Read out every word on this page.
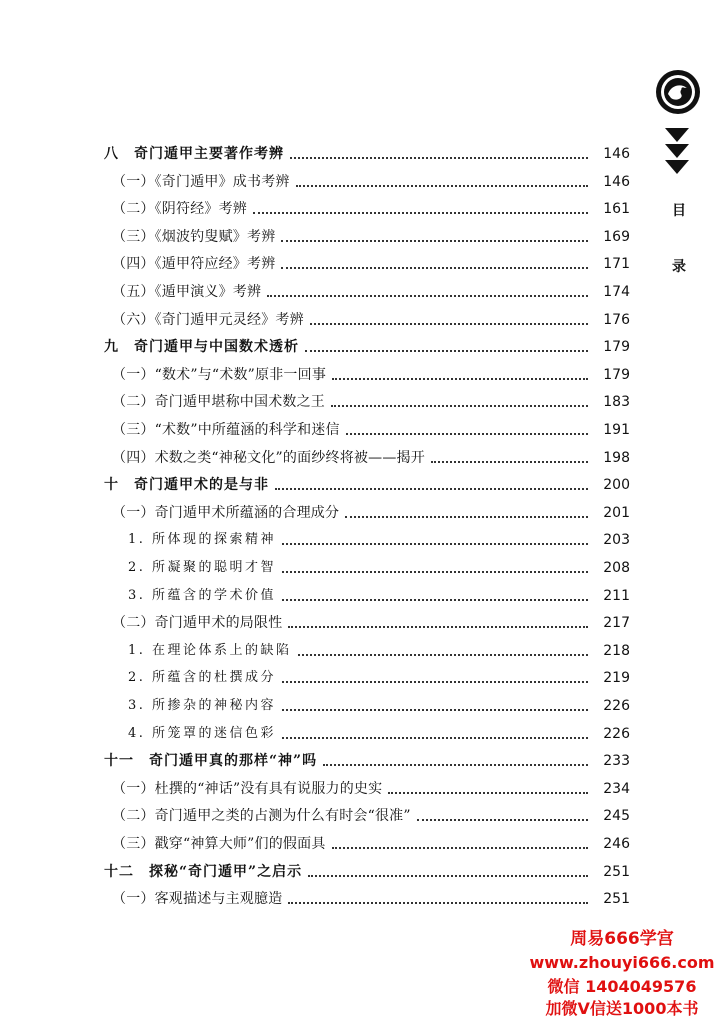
八　奇门遁甲主要著作考辨	146
（一）《奇门遁甲》成书考辨	146
（二）《阴符经》考辨	161
（三）《烟波钓叟赋》考辨	169
（四）《遁甲符应经》考辨	171
（五）《遁甲演义》考辨	174
（六）《奇门遁甲元灵经》考辨	176
九　奇门遁甲与中国数术透析	179
（一）“数术”与“术数”原非一回事	179
（二）奇门遁甲堪称中国术数之王	183
（三）“术数”中所蕴涵的科学和迷信	191
（四）术数之类“神秘文化”的面纱终将被——揭开	198
十　奇门遁甲术的是与非	200
（一）奇门遁甲术所蕴涵的合理成分	201
1. 所体现的探索精神	203
2. 所凝聚的聪明才智	208
3. 所蕴含的学术价值	211
（二）奇门遁甲术的局限性	217
1. 在理论体系上的缺陷	218
2. 所蕴含的杜撰成分	219
3. 所掺杂的神秘内容	226
4. 所笼罩的迷信色彩	226
十一　奇门遁甲真的那样“神”吗	233
（一）杜撰的“神话”没有具有说服力的史实	234
（二）奇门遁甲之类的占测为什么有时会“很准”	245
（三）戳穿“神算大师”们的假面具	246
十二　探秘“奇门遁甲”之启示	251
（一）客观描述与主观臆造	251
目
录
周易666学宫
www.zhouyi666.com
微信 1404049576
加微V信送1000本书
